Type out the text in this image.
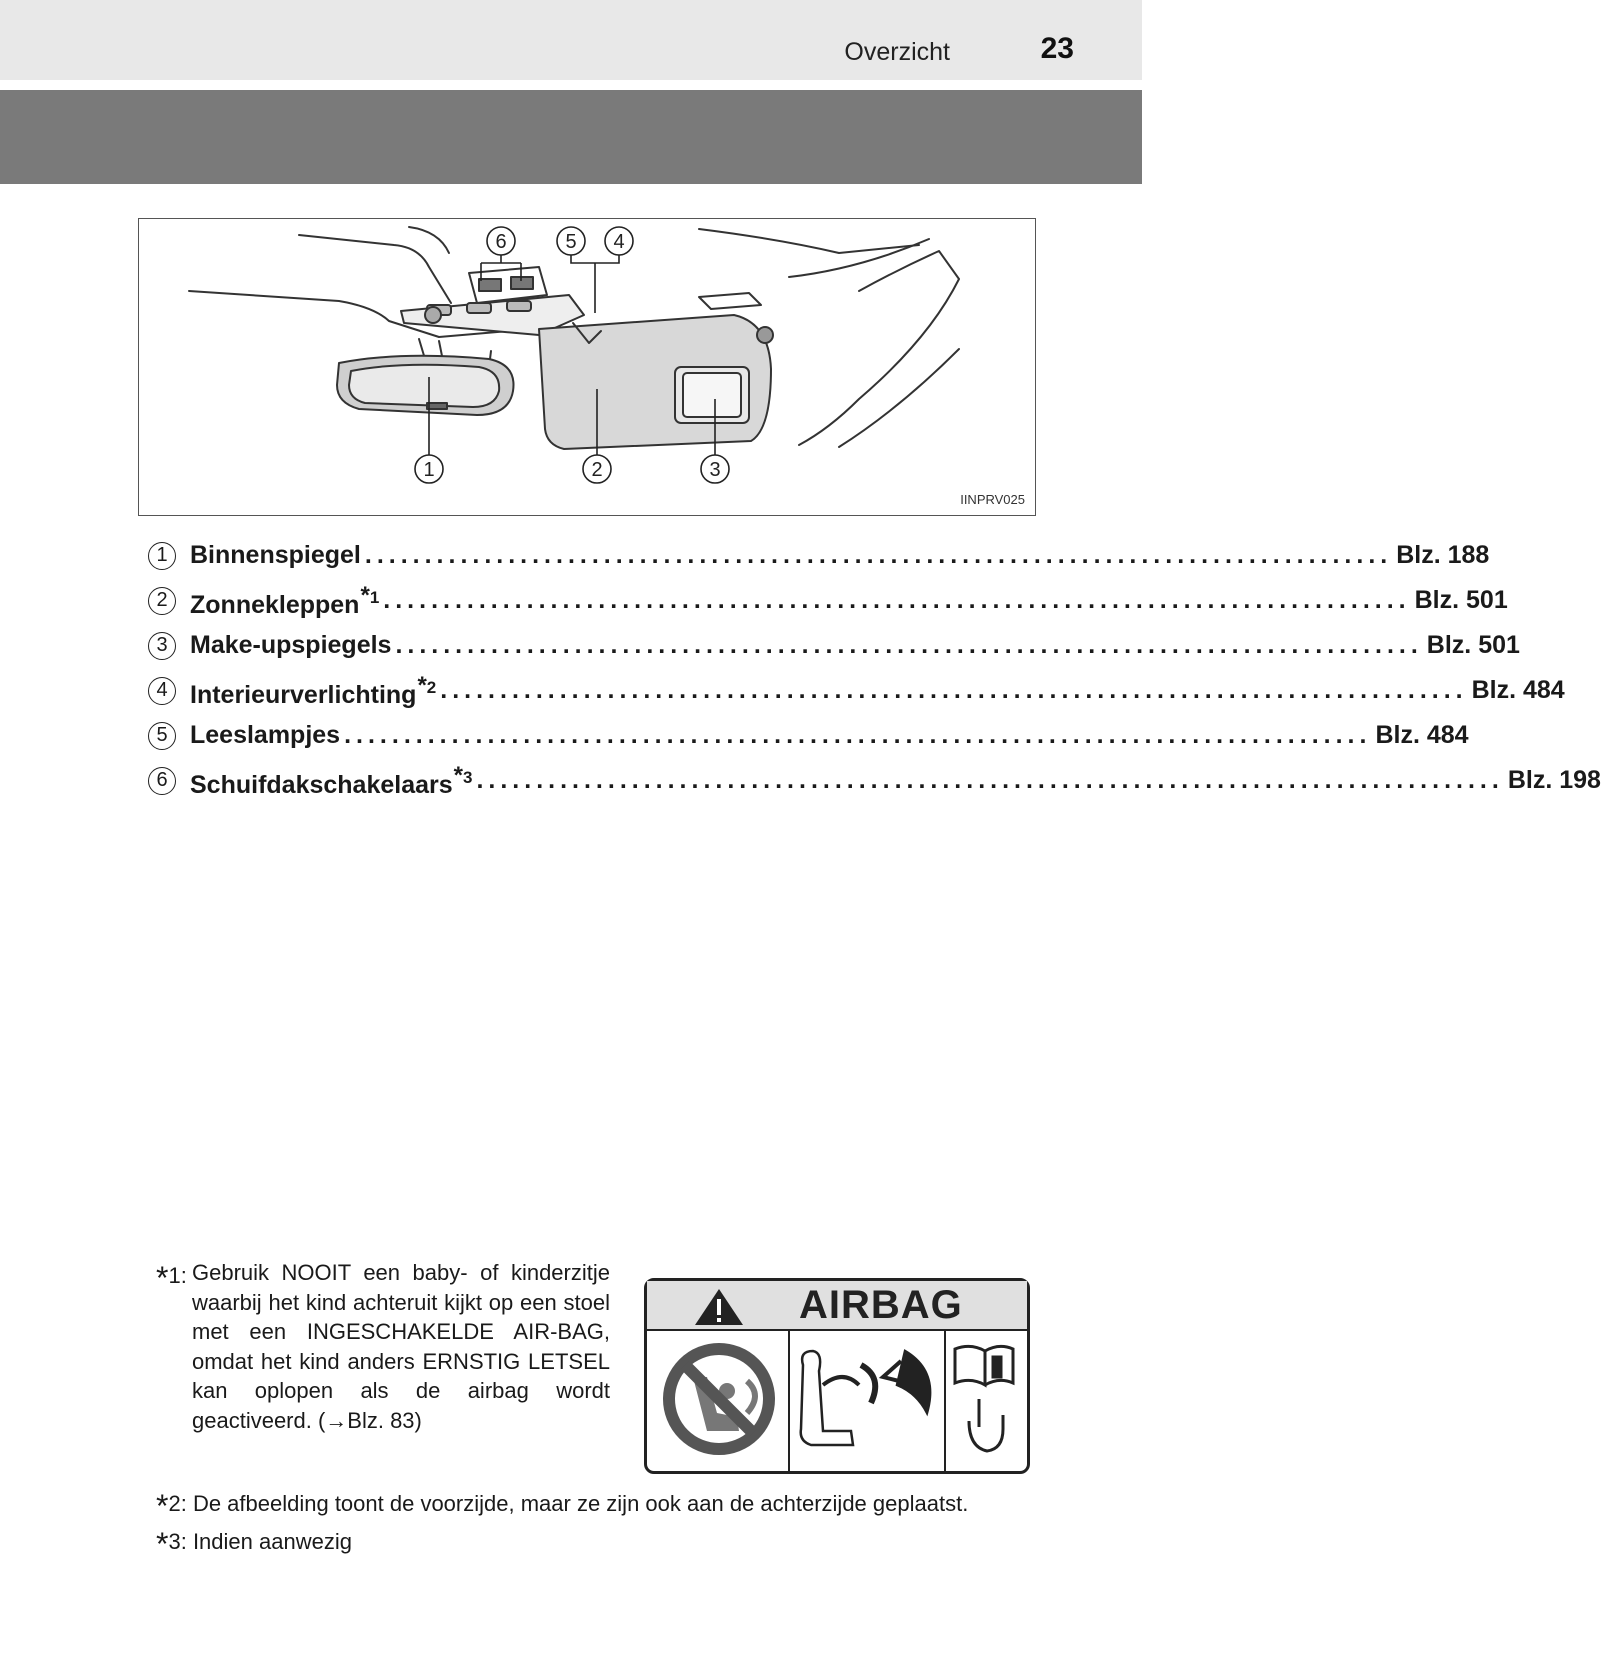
Overzicht	23
6	5 4
1	2	3
IINPRV025
1 Binnenspiegel ...................................................................................... Blz. 188
2 Zonnekleppen$^{*1}$ ...................................................................................... Blz. 501
3 Make-upspiegels ...................................................................................... Blz. 501
4 Interieurverlichting$^{*2}$ ...................................................................................... Blz. 484
5 Leeslampjes ...................................................................................... Blz. 484
6 Schuifdakschakelaars$^{*3}$ ...................................................................................... Blz. 198
*1: Gebruik NOOIT een baby- of kinderzitje waarbij het kind achteruit kijkt op een stoel met een INGESCHAKELDE AIR-BAG, omdat het kind anders ERNSTIG LETSEL kan oplopen als de airbag wordt geactiveerd. (→Blz. 83)
AIRBAG
*2: De afbeelding toont de voorzijde, maar ze zijn ook aan de achterzijde geplaatst.
*3: Indien aanwezig
